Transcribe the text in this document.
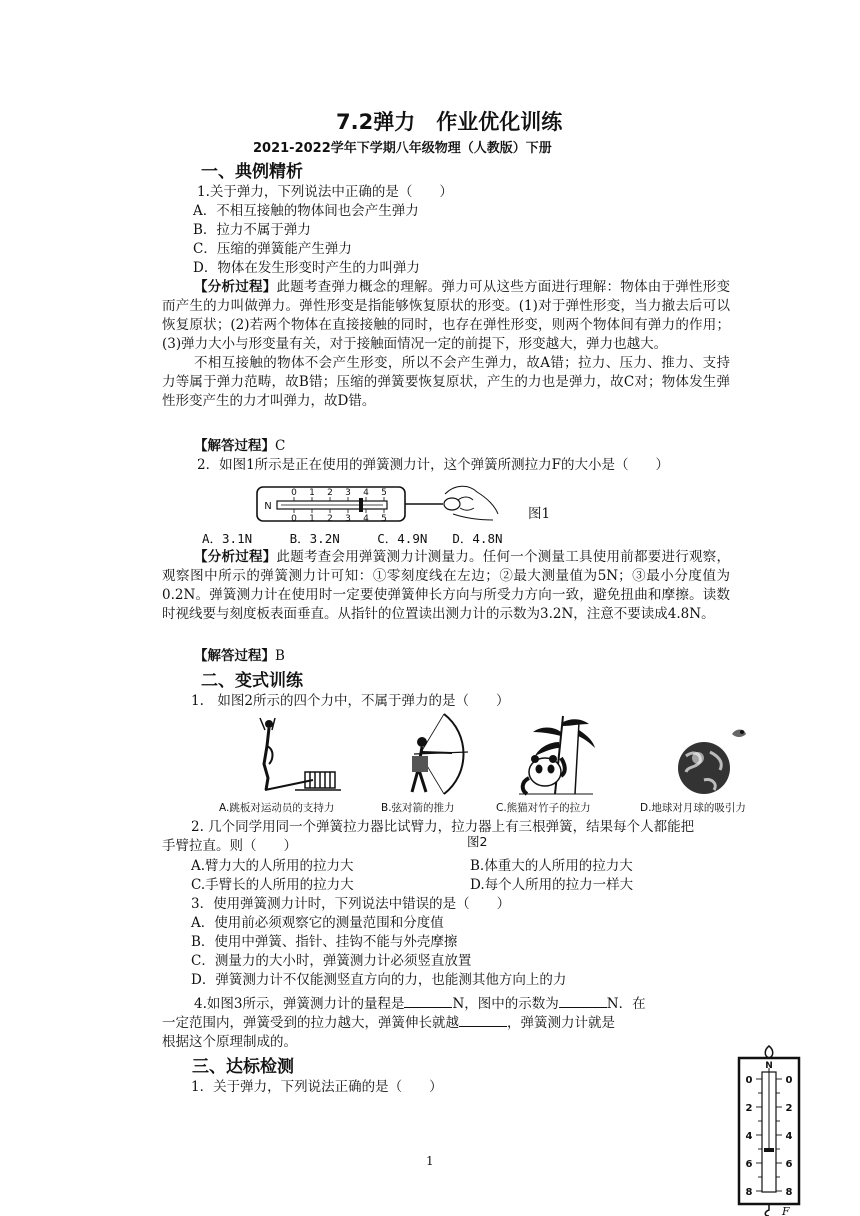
7.2弹力　作业优化训练
2021-2022学年下学期八年级物理（人教版）下册
一、典例精析
1.关于弹力，下列说法中正确的是（　　）
A．不相互接触的物体间也会产生弹力
B．拉力不属于弹力
C．压缩的弹簧能产生弹力
D．物体在发生形变时产生的力叫弹力
【分析过程】此题考查弹力概念的理解。弹力可从这些方面进行理解：物体由于弹性形变而产生的力叫做弹力。弹性形变是指能够恢复原状的形变。(1)对于弹性形变，当力撤去后可以恢复原状；(2)若两个物体在直接接触的同时，也存在弹性形变，则两个物体间有弹力的作用；(3)弹力大小与形变量有关，对于接触面情况一定的前提下，形变越大，弹力也越大。
不相互接触的物体不会产生形变，所以不会产生弹力，故A错；拉力、压力、推力、支持力等属于弹力范畴，故B错；压缩的弹簧要恢复原状，产生的力也是弹力，故C对；物体发生弹性形变产生的力才叫弹力，故D错。
【解答过程】C
2．如图1所示是正在使用的弹簧测力计，这个弹簧所测拉力F的大小是（　　）
0 1 2 3 4 5
0 1 2 3 4 5
N	图1
A．3.1N　　　B．3.2N　　　C．4.9N　　D．4.8N
【分析过程】此题考查会用弹簧测力计测量力。任何一个测量工具使用前都要进行观察，观察图中所示的弹簧测力计可知：①零刻度线在左边；②最大测量值为5N；③最小分度值为0.2N。弹簧测力计在使用时一定要使弹簧伸长方向与所受力方向一致，避免扭曲和摩擦。读数时视线要与刻度板表面垂直。从指针的位置读出测力计的示数为3.2N，注意不要读成4.8N。
【解答过程】B
二、变式训练
1.　如图2所示的四个力中，不属于弹力的是（　　）
A.跳板对运动员的支持力	B.弦对箭的推力	C.熊猫对竹子的拉力	D.地球对月球的吸引力
2. 几个同学用同一个弹簧拉力器比试臂力，拉力器上有三根弹簧，结果每个人都能把
图2
手臂拉直。则（　　）
A.臂力大的人所用的拉力大	B.体重大的人所用的拉力大
C.手臂长的人所用的拉力大	D.每个人所用的拉力一样大
3．使用弹簧测力计时，下列说法中错误的是（　　）
A．使用前必须观察它的测量范围和分度值
B．使用中弹簧、指针、挂钩不能与外壳摩擦
C．测量力的大小时，弹簧测力计必须竖直放置
D．弹簧测力计不仅能测竖直方向的力，也能测其他方向上的力
4.如图3所示，弹簧测力计的量程是	N，图中的示数为	N．在
一定范围内，弹簧受到的拉力越大，弹簧伸长就越	，弹簧测力计就是
根据这个原理制成的。
三、达标检测
1．关于弹力，下列说法正确的是（　　）
1
N
0
2
4
6
8
0
2
4
6
8
F
